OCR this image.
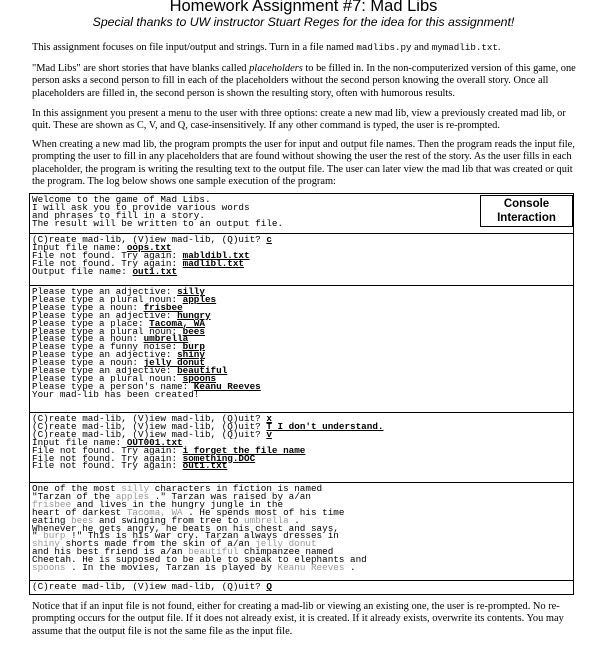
Homework Assignment #7: Mad Libs
Special thanks to UW instructor Stuart Reges for the idea for this assignment!

This assignment focuses on file input/output and strings. Turn in a file named madlibs.py and mymadlib.txt.

"Mad Libs" are short stories that have blanks called placeholders to be filled in. In the non-computerized version of this game, one person asks a second person to fill in each of the placeholders without the second person knowing the overall story. Once all placeholders are filled in, the second person is shown the resulting story, often with humorous results.

In this assignment you present a menu to the user with three options: create a new mad lib, view a previously created mad lib, or quit. These are shown as C, V, and Q, case-insensitively. If any other command is typed, the user is re-prompted.

When creating a new mad lib, the program prompts the user for input and output file names. Then the program reads the input file, prompting the user to fill in any placeholders that are found without showing the user the rest of the story. As the user fills in each placeholder, the program is writing the resulting text to the output file. The user can later view the mad lib that was created or quit the program. The log below shows one sample execution of the program:

Welcome to the game of Mad Libs.
I will ask you to provide various words
and phrases to fill in a story.
The result will be written to an output file.

(C)reate mad-lib, (V)iew mad-lib, (Q)uit? c
Input file name: oops.txt
File not found. Try again: mabldibl.txt
File not found. Try again: madlibl.txt
Output file name: out1.txt

Please type an adjective: silly
Please type a plural noun: apples
Please type a noun: frisbee
Please type an adjective: hungry
Please type a place: Tacoma, WA
Please type a plural noun: bees
Please type a noun: umbrella
Please type a funny noise: burp
Please type an adjective: shiny
Please type a noun: jelly donut
Please type an adjective: beautiful
Please type a plural noun: spoons
Please type a person's name: Keanu Reeves
Your mad-lib has been created!

(C)reate mad-lib, (V)iew mad-lib, (Q)uit? x
(C)reate mad-lib, (V)iew mad-lib, (Q)uit? T I don't understand.
(C)reate mad-lib, (V)iew mad-lib, (Q)uit? v
Input file name: OUT001.txt
File not found. Try again: i forget the file name
File not found. Try again: something.DOC
File not found. Try again: out1.txt

One of the most silly characters in fiction is named
"Tarzan of the apples ." Tarzan was raised by a/an
frisbee and lives in the hungry jungle in the
heart of darkest Tacoma, WA . He spends most of his time
eating bees and swinging from tree to umbrella .
Whenever he gets angry, he beats on his chest and says,
" burp !" This is his war cry. Tarzan always dresses in
shiny shorts made from the skin of a/an jelly donut
and his best friend is a/an beautiful chimpanzee named
Cheetah. He is supposed to be able to speak to elephants and
spoons . In the movies, Tarzan is played by Keanu Reeves .

(C)reate mad-lib, (V)iew mad-lib, (Q)uit? Q

Console
Interaction

Notice that if an input file is not found, either for creating a mad-lib or viewing an existing one, the user is re-prompted. No re-prompting occurs for the output file. If it does not already exist, it is created. If it already exists, overwrite its contents. You may assume that the output file is not the same file as the input file.
